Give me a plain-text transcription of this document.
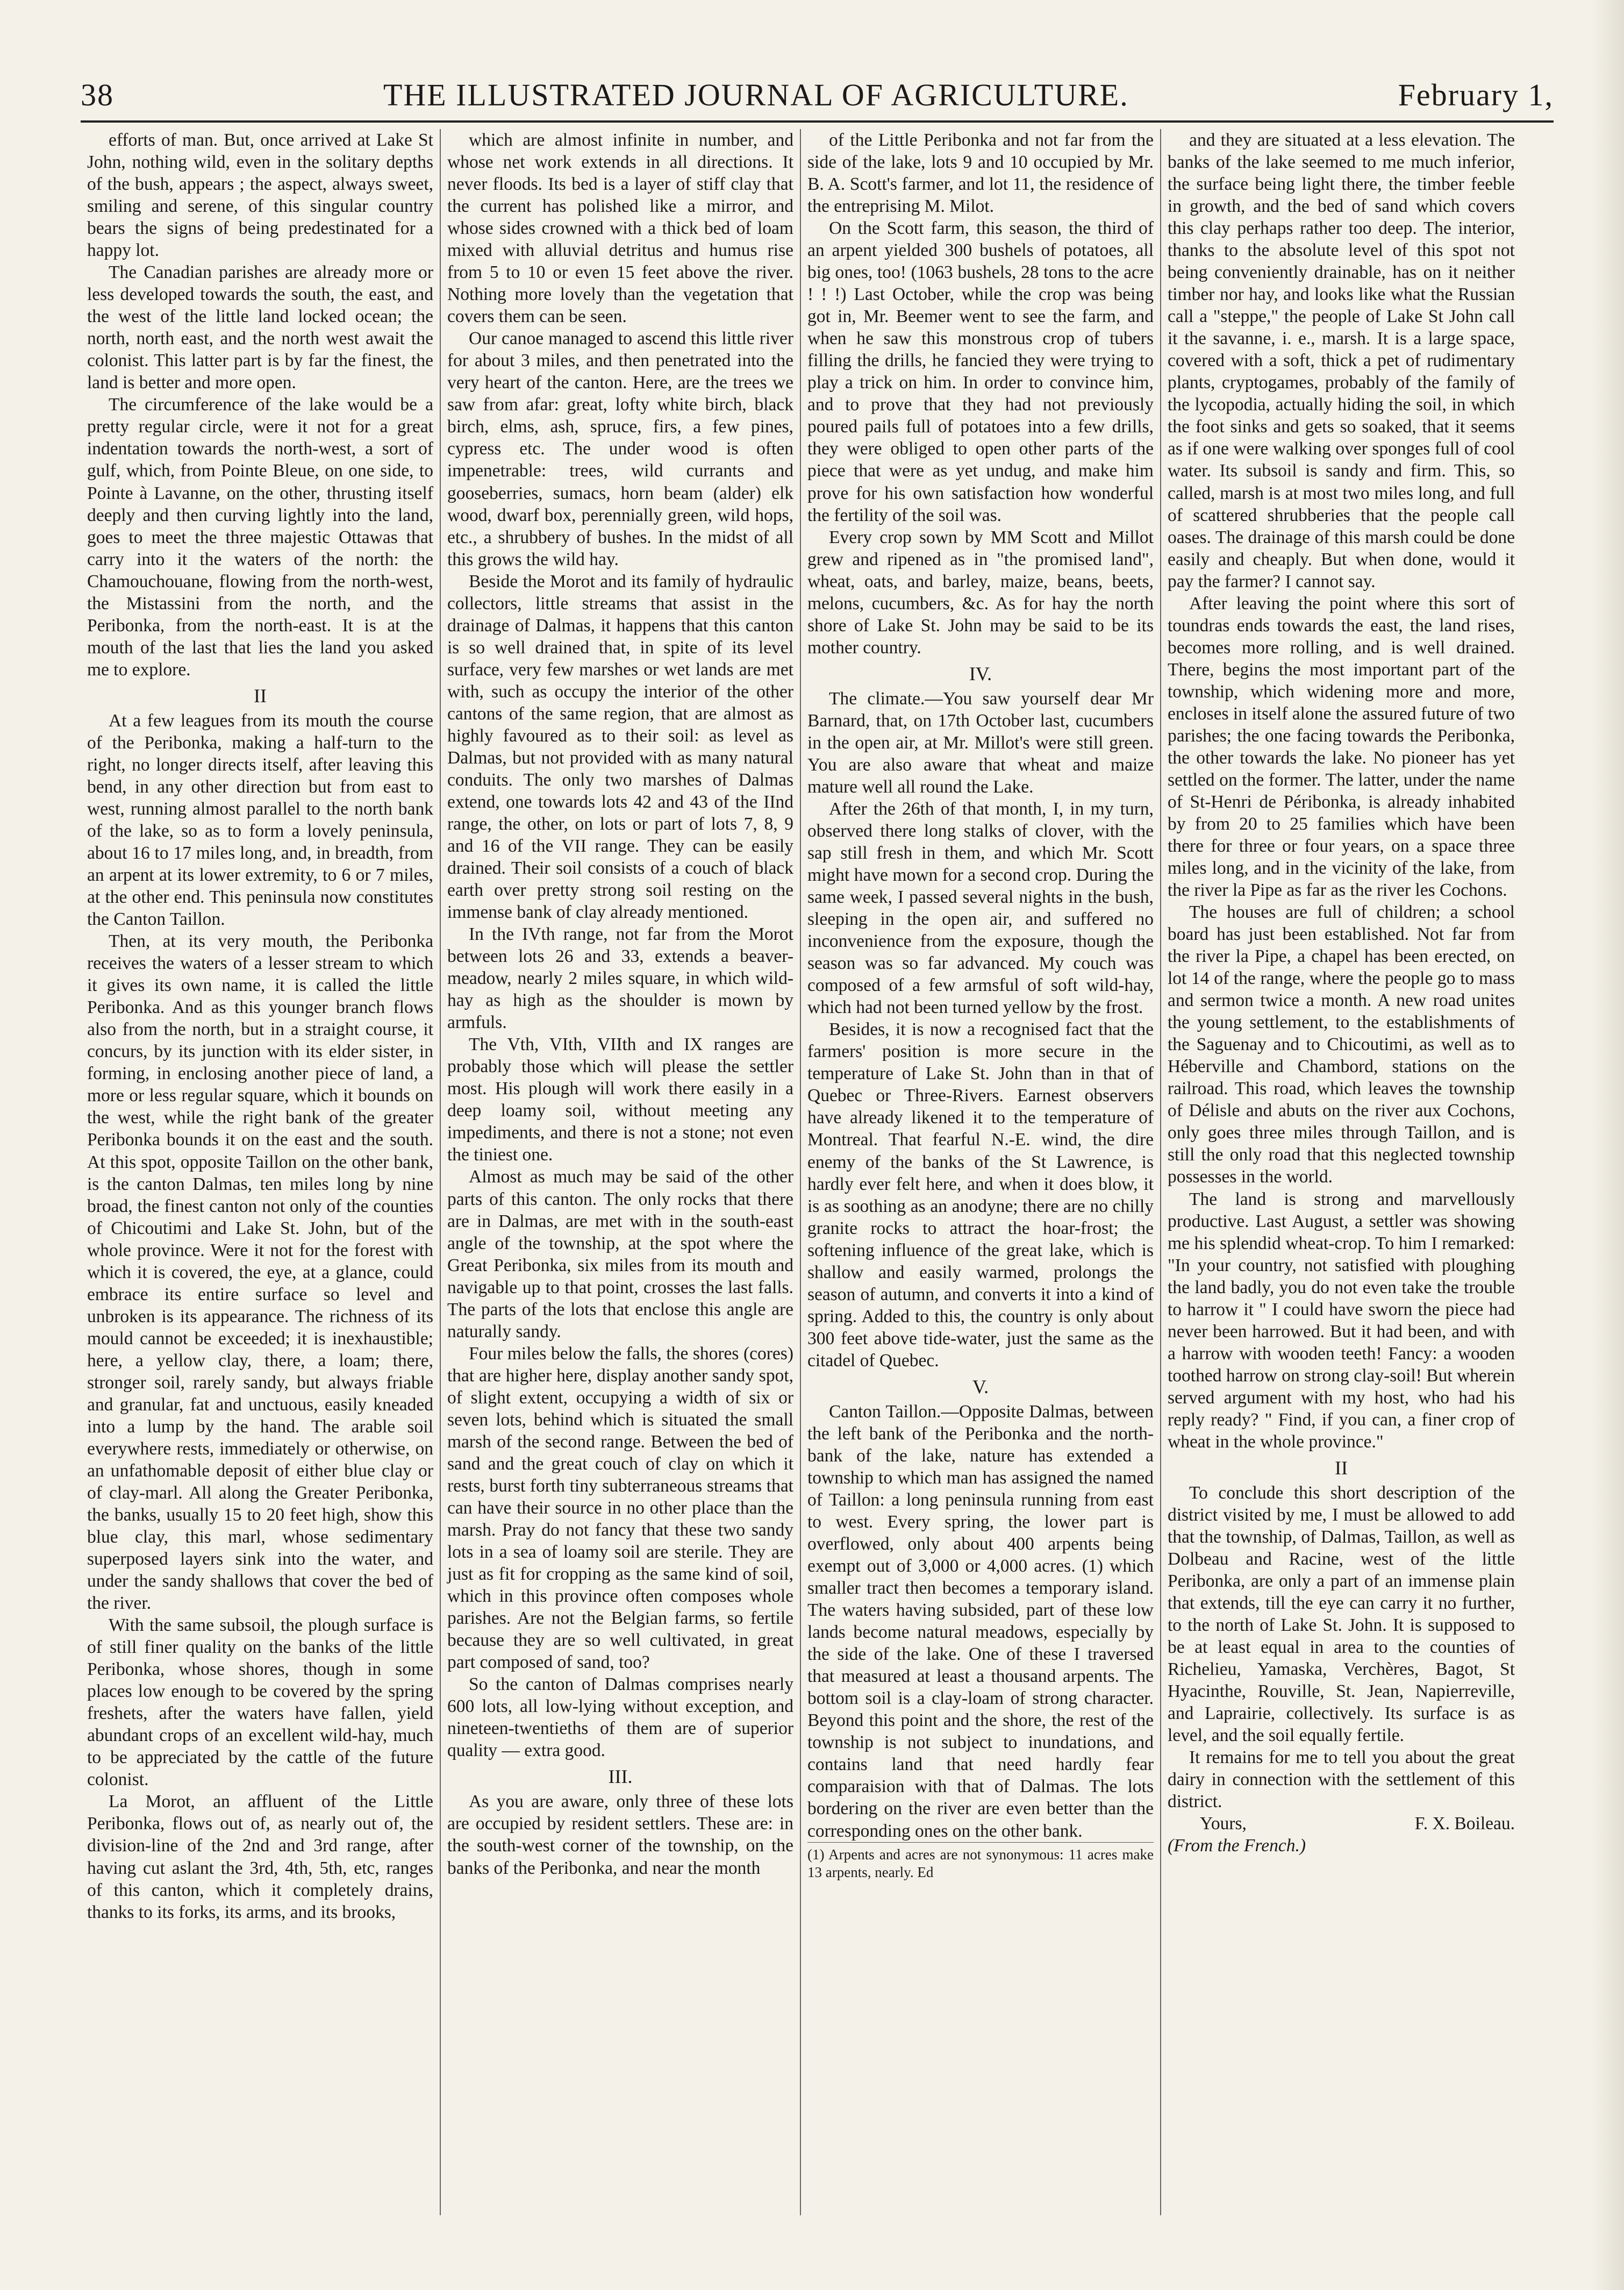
38	THE ILLUSTRATED JOURNAL OF AGRICULTURE.	February 1,

efforts of man. But, once arrived at Lake St John, nothing wild, even in the solitary depths of the bush, appears ; the aspect, always sweet, smiling and serene, of this singular country bears the signs of being predestinated for a happy lot.

The Canadian parishes are already more or less developed towards the south, the east, and the west of the little land locked ocean; the north, north east, and the north west await the colonist. This latter part is by far the finest, the land is better and more open.

The circumference of the lake would be a pretty regular circle, were it not for a great indentation towards the north-west, a sort of gulf, which, from Pointe Bleue, on one side, to Pointe à Lavanne, on the other, thrusting itself deeply and then curving lightly into the land, goes to meet the three majestic Ottawas that carry into it the waters of the north: the Chamouchouane, flowing from the north-west, the Mistassini from the north, and the Peribonka, from the north-east. It is at the mouth of the last that lies the land you asked me to explore.

II

At a few leagues from its mouth the course of the Peribonka, making a half-turn to the right, no longer directs itself, after leaving this bend, in any other direction but from east to west, running almost parallel to the north bank of the lake, so as to form a lovely peninsula, about 16 to 17 miles long, and, in breadth, from an arpent at its lower extremity, to 6 or 7 miles, at the other end. This peninsula now constitutes the Canton Taillon.

Then, at its very mouth, the Peribonka receives the waters of a lesser stream to which it gives its own name, it is called the little Peribonka. And as this younger branch flows also from the north, but in a straight course, it concurs, by its junction with its elder sister, in forming, in enclosing another piece of land, a more or less regular square, which it bounds on the west, while the right bank of the greater Peribonka bounds it on the east and the south. At this spot, opposite Taillon on the other bank, is the canton Dalmas, ten miles long by nine broad, the finest canton not only of the counties of Chicoutimi and Lake St. John, but of the whole province. Were it not for the forest with which it is covered, the eye, at a glance, could embrace its entire surface so level and unbroken is its appearance. The richness of its mould cannot be exceeded; it is inexhaustible; here, a yellow clay, there, a loam; there, stronger soil, rarely sandy, but always friable and granular, fat and unctuous, easily kneaded into a lump by the hand. The arable soil everywhere rests, immediately or otherwise, on an unfathomable deposit of either blue clay or of clay-marl. All along the Greater Peribonka, the banks, usually 15 to 20 feet high, show this blue clay, this marl, whose sedimentary superposed layers sink into the water, and under the sandy shallows that cover the bed of the river.

With the same subsoil, the plough surface is of still finer quality on the banks of the little Peribonka, whose shores, though in some places low enough to be covered by the spring freshets, after the waters have fallen, yield abundant crops of an excellent wild-hay, much to be appreciated by the cattle of the future colonist.

La Morot, an affluent of the Little Peribonka, flows out of, as nearly out of, the division-line of the 2nd and 3rd range, after having cut aslant the 3rd, 4th, 5th, etc, ranges of this canton, which it completely drains, thanks to its forks, its arms, and its brooks,

which are almost infinite in number, and whose net work extends in all directions. It never floods. Its bed is a layer of stiff clay that the current has polished like a mirror, and whose sides crowned with a thick bed of loam mixed with alluvial detritus and humus rise from 5 to 10 or even 15 feet above the river. Nothing more lovely than the vegetation that covers them can be seen.

Our canoe managed to ascend this little river for about 3 miles, and then penetrated into the very heart of the canton. Here, are the trees we saw from afar: great, lofty white birch, black birch, elms, ash, spruce, firs, a few pines, cypress etc. The under wood is often impenetrable: trees, wild currants and gooseberries, sumacs, horn beam (alder) elk wood, dwarf box, perennially green, wild hops, etc., a shrubbery of bushes. In the midst of all this grows the wild hay.

Beside the Morot and its family of hydraulic collectors, little streams that assist in the drainage of Dalmas, it happens that this canton is so well drained that, in spite of its level surface, very few marshes or wet lands are met with, such as occupy the interior of the other cantons of the same region, that are almost as highly favoured as to their soil: as level as Dalmas, but not provided with as many natural conduits. The only two marshes of Dalmas extend, one towards lots 42 and 43 of the IInd range, the other, on lots or part of lots 7, 8, 9 and 16 of the VII range. They can be easily drained. Their soil consists of a couch of black earth over pretty strong soil resting on the immense bank of clay already mentioned.

In the IVth range, not far from the Morot between lots 26 and 33, extends a beaver-meadow, nearly 2 miles square, in which wild-hay as high as the shoulder is mown by armfuls.

The Vth, VIth, VIIth and IX ranges are probably those which will please the settler most. His plough will work there easily in a deep loamy soil, without meeting any impediments, and there is not a stone; not even the tiniest one.

Almost as much may be said of the other parts of this canton. The only rocks that there are in Dalmas, are met with in the south-east angle of the township, at the spot where the Great Peribonka, six miles from its mouth and navigable up to that point, crosses the last falls. The parts of the lots that enclose this angle are naturally sandy.

Four miles below the falls, the shores (cores) that are higher here, display another sandy spot, of slight extent, occupying a width of six or seven lots, behind which is situated the small marsh of the second range. Between the bed of sand and the great couch of clay on which it rests, burst forth tiny subterraneous streams that can have their source in no other place than the marsh. Pray do not fancy that these two sandy lots in a sea of loamy soil are sterile. They are just as fit for cropping as the same kind of soil, which in this province often composes whole parishes. Are not the Belgian farms, so fertile because they are so well cultivated, in great part composed of sand, too?

So the canton of Dalmas comprises nearly 600 lots, all low-lying without exception, and nineteen-twentieths of them are of superior quality — extra good.

III.

As you are aware, only three of these lots are occupied by resident settlers. These are: in the south-west corner of the township, on the banks of the Peribonka, and near the month

of the Little Peribonka and not far from the side of the lake, lots 9 and 10 occupied by Mr. B. A. Scott's farmer, and lot 11, the residence of the entreprising M. Milot.

On the Scott farm, this season, the third of an arpent yielded 300 bushels of potatoes, all big ones, too! (1063 bushels, 28 tons to the acre ! ! !) Last October, while the crop was being got in, Mr. Beemer went to see the farm, and when he saw this monstrous crop of tubers filling the drills, he fancied they were trying to play a trick on him. In order to convince him, and to prove that they had not previously poured pails full of potatoes into a few drills, they were obliged to open other parts of the piece that were as yet undug, and make him prove for his own satisfaction how wonderful the fertility of the soil was.

Every crop sown by MM Scott and Millot grew and ripened as in "the promised land", wheat, oats, and barley, maize, beans, beets, melons, cucumbers, &c. As for hay the north shore of Lake St. John may be said to be its mother country.

IV.

The climate.—You saw yourself dear Mr Barnard, that, on 17th October last, cucumbers in the open air, at Mr. Millot's were still green. You are also aware that wheat and maize mature well all round the Lake.

After the 26th of that month, I, in my turn, observed there long stalks of clover, with the sap still fresh in them, and which Mr. Scott might have mown for a second crop. During the same week, I passed several nights in the bush, sleeping in the open air, and suffered no inconvenience from the exposure, though the season was so far advanced. My couch was composed of a few armsful of soft wild-hay, which had not been turned yellow by the frost.

Besides, it is now a recognised fact that the farmers' position is more secure in the temperature of Lake St. John than in that of Quebec or Three-Rivers. Earnest observers have already likened it to the temperature of Montreal. That fearful N.-E. wind, the dire enemy of the banks of the St Lawrence, is hardly ever felt here, and when it does blow, it is as soothing as an anodyne; there are no chilly granite rocks to attract the hoar-frost; the softening influence of the great lake, which is shallow and easily warmed, prolongs the season of autumn, and converts it into a kind of spring. Added to this, the country is only about 300 feet above tide-water, just the same as the citadel of Quebec.

V.

Canton Taillon.—Opposite Dalmas, between the left bank of the Peribonka and the north-bank of the lake, nature has extended a township to which man has assigned the named of Taillon: a long peninsula running from east to west. Every spring, the lower part is overflowed, only about 400 arpents being exempt out of 3,000 or 4,000 acres. (1) which smaller tract then becomes a temporary island. The waters having subsided, part of these low lands become natural meadows, especially by the side of the lake. One of these I traversed that measured at least a thousand arpents. The bottom soil is a clay-loam of strong character. Beyond this point and the shore, the rest of the township is not subject to inundations, and contains land that need hardly fear comparaision with that of Dalmas. The lots bordering on the river are even better than the corresponding ones on the other bank.

(1) Arpents and acres are not synonymous: 11 acres make 13 arpents, nearly. Ed

and they are situated at a less elevation. The banks of the lake seemed to me much inferior, the surface being light there, the timber feeble in growth, and the bed of sand which covers this clay perhaps rather too deep. The interior, thanks to the absolute level of this spot not being conveniently drainable, has on it neither timber nor hay, and looks like what the Russian call a "steppe," the people of Lake St John call it the savanne, i. e., marsh. It is a large space, covered with a soft, thick a pet of rudimentary plants, cryptogames, probably of the family of the lycopodia, actually hiding the soil, in which the foot sinks and gets so soaked, that it seems as if one were walking over sponges full of cool water. Its subsoil is sandy and firm. This, so called, marsh is at most two miles long, and full of scattered shrubberies that the people call oases. The drainage of this marsh could be done easily and cheaply. But when done, would it pay the farmer? I cannot say.

After leaving the point where this sort of toundras ends towards the east, the land rises, becomes more rolling, and is well drained. There, begins the most important part of the township, which widening more and more, encloses in itself alone the assured future of two parishes; the one facing towards the Peribonka, the other towards the lake. No pioneer has yet settled on the former. The latter, under the name of St-Henri de Péribonka, is already inhabited by from 20 to 25 families which have been there for three or four years, on a space three miles long, and in the vicinity of the lake, from the river la Pipe as far as the river les Cochons.

The houses are full of children; a school board has just been established. Not far from the river la Pipe, a chapel has been erected, on lot 14 of the range, where the people go to mass and sermon twice a month. A new road unites the young settlement, to the establishments of the Saguenay and to Chicoutimi, as well as to Héberville and Chambord, stations on the railroad. This road, which leaves the township of Délisle and abuts on the river aux Cochons, only goes three miles through Taillon, and is still the only road that this neglected township possesses in the world.

The land is strong and marvellously productive. Last August, a settler was showing me his splendid wheat-crop. To him I remarked: "In your country, not satisfied with ploughing the land badly, you do not even take the trouble to harrow it " I could have sworn the piece had never been harrowed. But it had been, and with a harrow with wooden teeth! Fancy: a wooden toothed harrow on strong clay-soil! But wherein served argument with my host, who had his reply ready? " Find, if you can, a finer crop of wheat in the whole province."

II

To conclude this short description of the district visited by me, I must be allowed to add that the township, of Dalmas, Taillon, as well as Dolbeau and Racine, west of the little Peribonka, are only a part of an immense plain that extends, till the eye can carry it no further, to the north of Lake St. John. It is supposed to be at least equal in area to the counties of Richelieu, Yamaska, Verchères, Bagot, St Hyacinthe, Rouville, St. Jean, Napierreville, and Laprairie, collectively. Its surface is as level, and the soil equally fertile.

It remains for me to tell you about the great dairy in connection with the settlement of this district.

Yours,	F. X. Boileau.

(From the French.)
